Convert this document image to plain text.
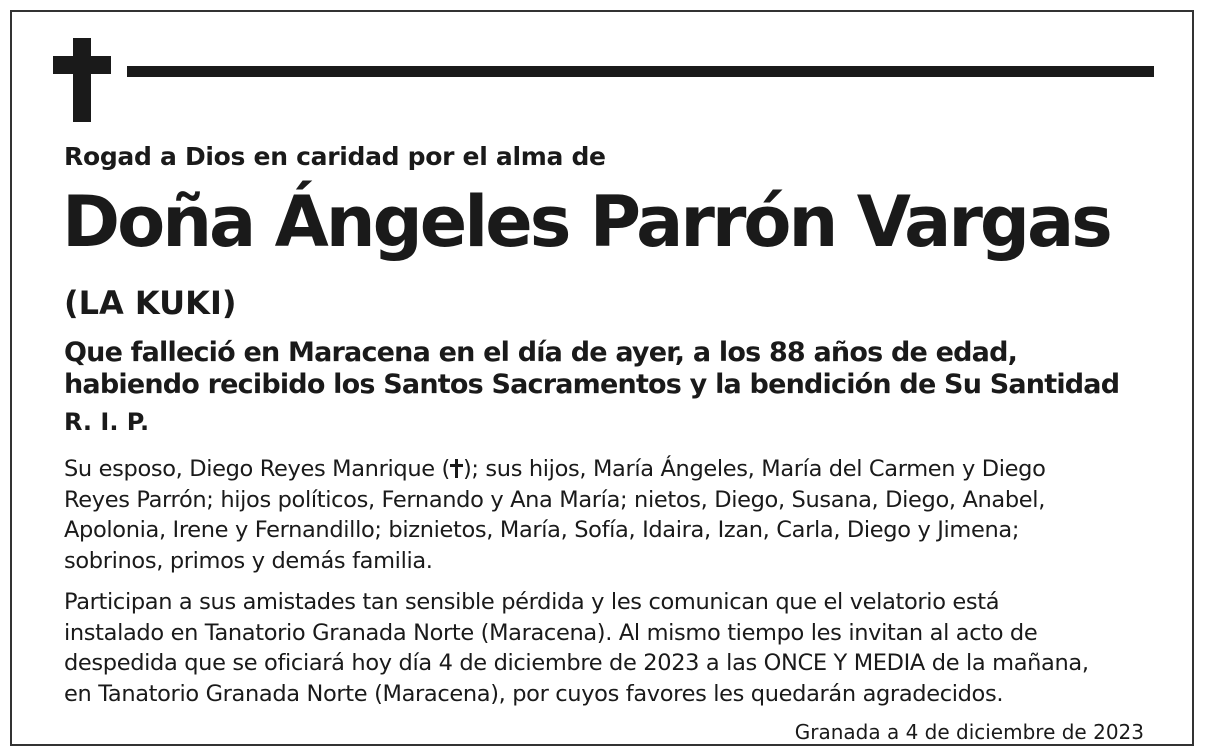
Rogad a Dios en caridad por el alma de
Doña Ángeles Parrón Vargas
(LA KUKI)
Que falleció en Maracena en el día de ayer, a los 88 años de edad,
habiendo recibido los Santos Sacramentos y la bendición de Su Santidad
R. I. P.
Su esposo, Diego Reyes Manrique ( ); sus hijos, María Ángeles, María del Carmen y Diego
Reyes Parrón; hijos políticos, Fernando y Ana María; nietos, Diego, Susana, Diego, Anabel,
Apolonia, Irene y Fernandillo; biznietos, María, Sofía, Idaira, Izan, Carla, Diego y Jimena;
sobrinos, primos y demás familia.
Participan a sus amistades tan sensible pérdida y les comunican que el velatorio está
instalado en Tanatorio Granada Norte (Maracena). Al mismo tiempo les invitan al acto de
despedida que se oficiará hoy día 4 de diciembre de 2023 a las ONCE Y MEDIA de la mañana,
en Tanatorio Granada Norte (Maracena), por cuyos favores les quedarán agradecidos.
Granada a 4 de diciembre de 2023
